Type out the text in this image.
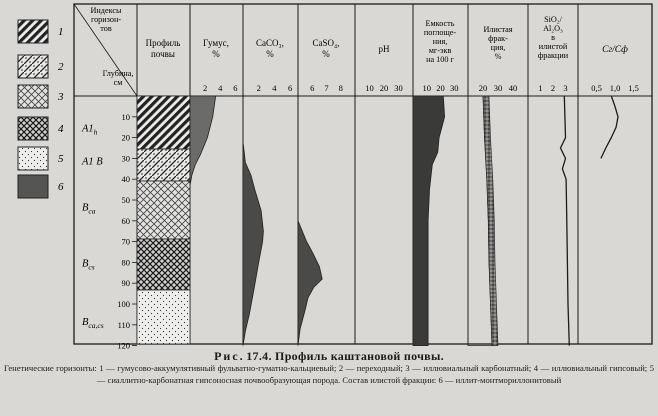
1
2
3
4
5
6
Индексы
горизон-
тов
Глубина,
см
Профиль
почвы
Гумус,
%
CaCO₃,
%
CaSO₄,
%	pH
Емкость
поглоще-
ния,
мг-экв
на 100 г
Илистая
фрак-
ция,
%
SiO₂/
Al₂O₃
в
илистой
фракции
Cг/Cф
10
20
30
40
50
60
70
80
90
100
110
120
$A1_h$
A1 B
$B_{ca}$
$B_{cs}$
$B_{ca,cs}$
2 4 6 2 4 6 6 7 8	10 20 30 10 20 30 20 30 40 1 2 3	0,5 1,0 1,5
Рис. 17.4. Профиль каштановой почвы.
Генетические горизонты: 1 — гумусово-аккумулятивный фульватно-гуматно-кальциевый; 2 — переходный; 3 — иллювиальный карбонатный; 4 — иллювиальный гипсовый; 5 — сиаллитно-карбонатная гипсоносная почвообразующая порода. Состав илистой фракции: 6 — иллит-монтмориллонитовый
